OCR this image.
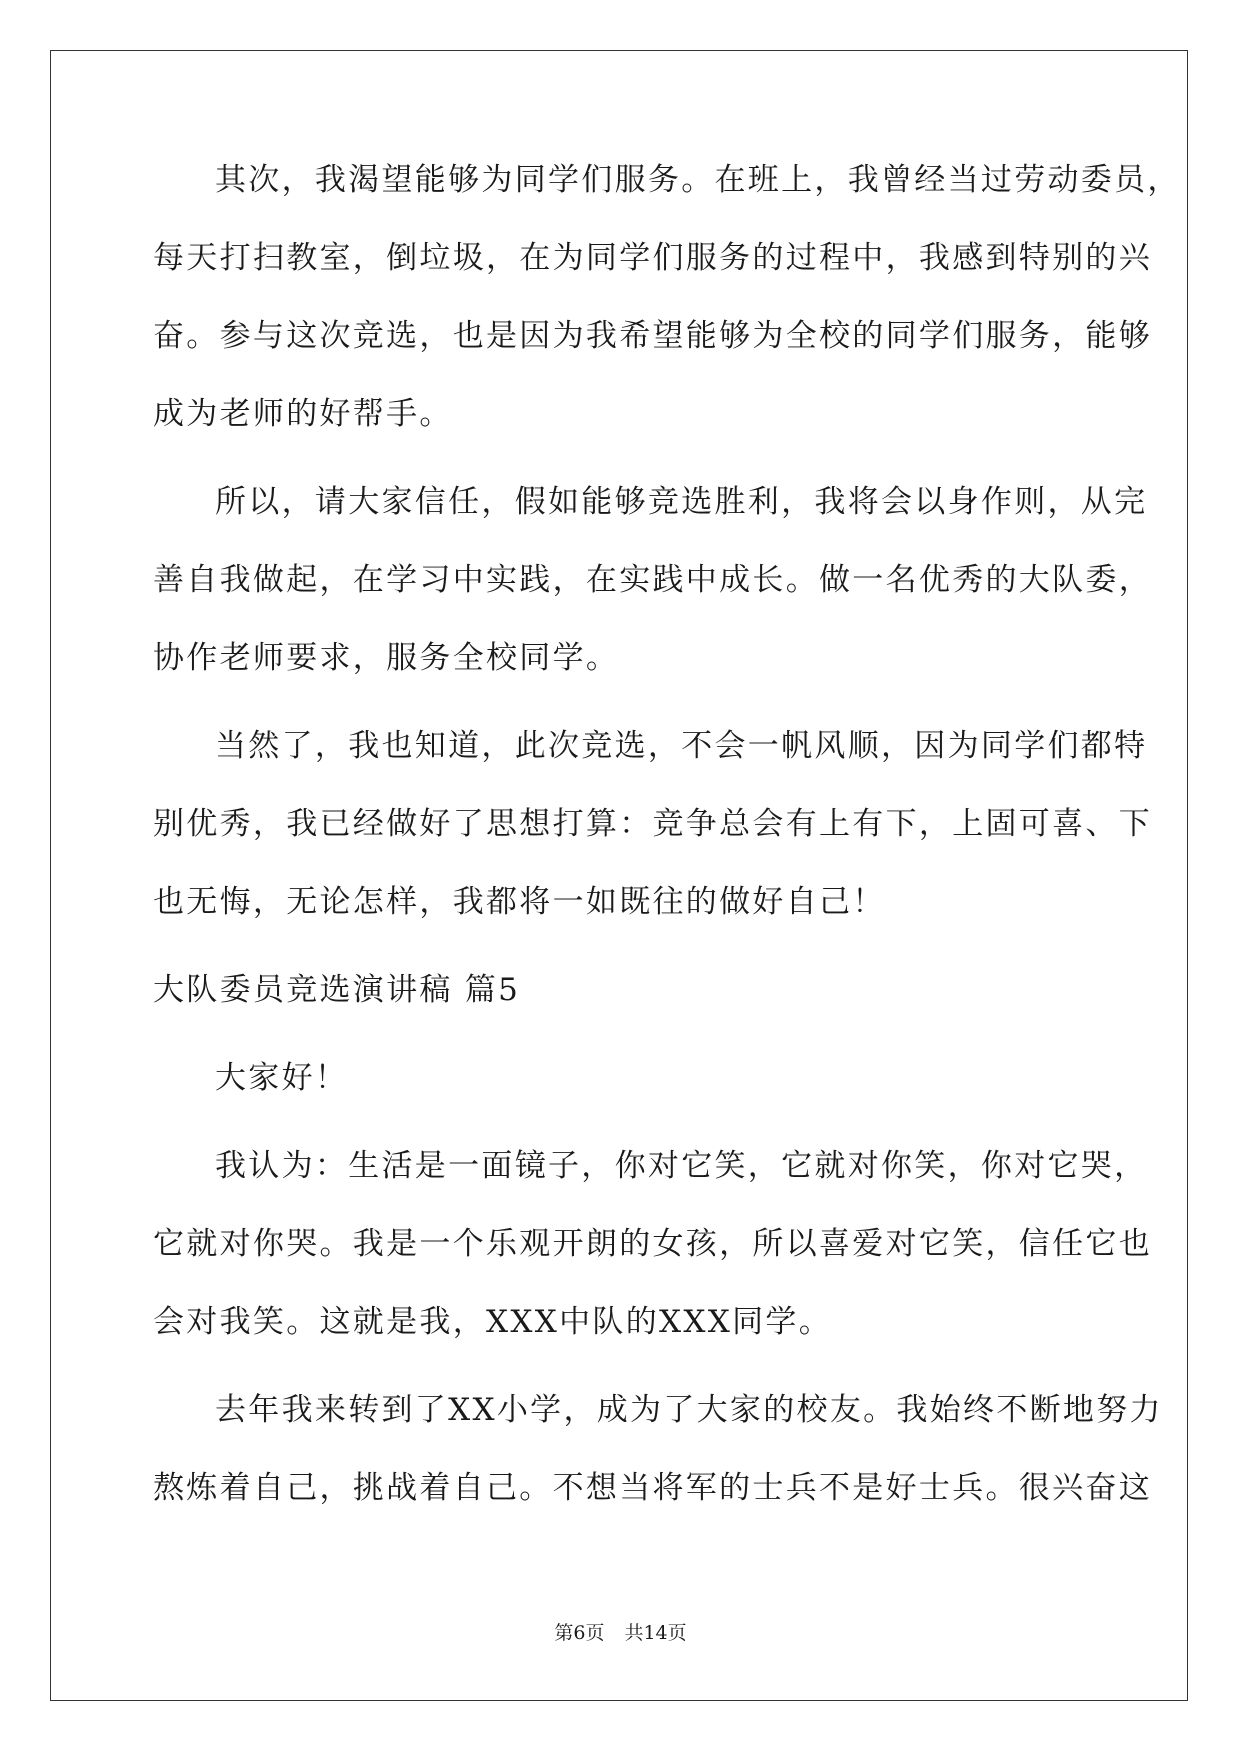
其次，我渴望能够为同学们服务。在班上，我曾经当过劳动委员，

每天打扫教室，倒垃圾，在为同学们服务的过程中，我感到特别的兴

奋。参与这次竞选，也是因为我希望能够为全校的同学们服务，能够

成为老师的好帮手。

所以，请大家信任，假如能够竞选胜利，我将会以身作则，从完

善自我做起，在学习中实践，在实践中成长。做一名优秀的大队委，

协作老师要求，服务全校同学。

当然了，我也知道，此次竞选，不会一帆风顺，因为同学们都特

别优秀，我已经做好了思想打算：竞争总会有上有下，上固可喜、下

也无悔，无论怎样，我都将一如既往的做好自己！

大队委员竞选演讲稿 篇5

大家好！

我认为：生活是一面镜子，你对它笑，它就对你笑，你对它哭，

它就对你哭。我是一个乐观开朗的女孩，所以喜爱对它笑，信任它也

会对我笑。这就是我，XXX中队的XXX同学。

去年我来转到了XX小学，成为了大家的校友。我始终不断地努力

熬炼着自己，挑战着自己。不想当将军的士兵不是好士兵。很兴奋这

第6页 共14页
